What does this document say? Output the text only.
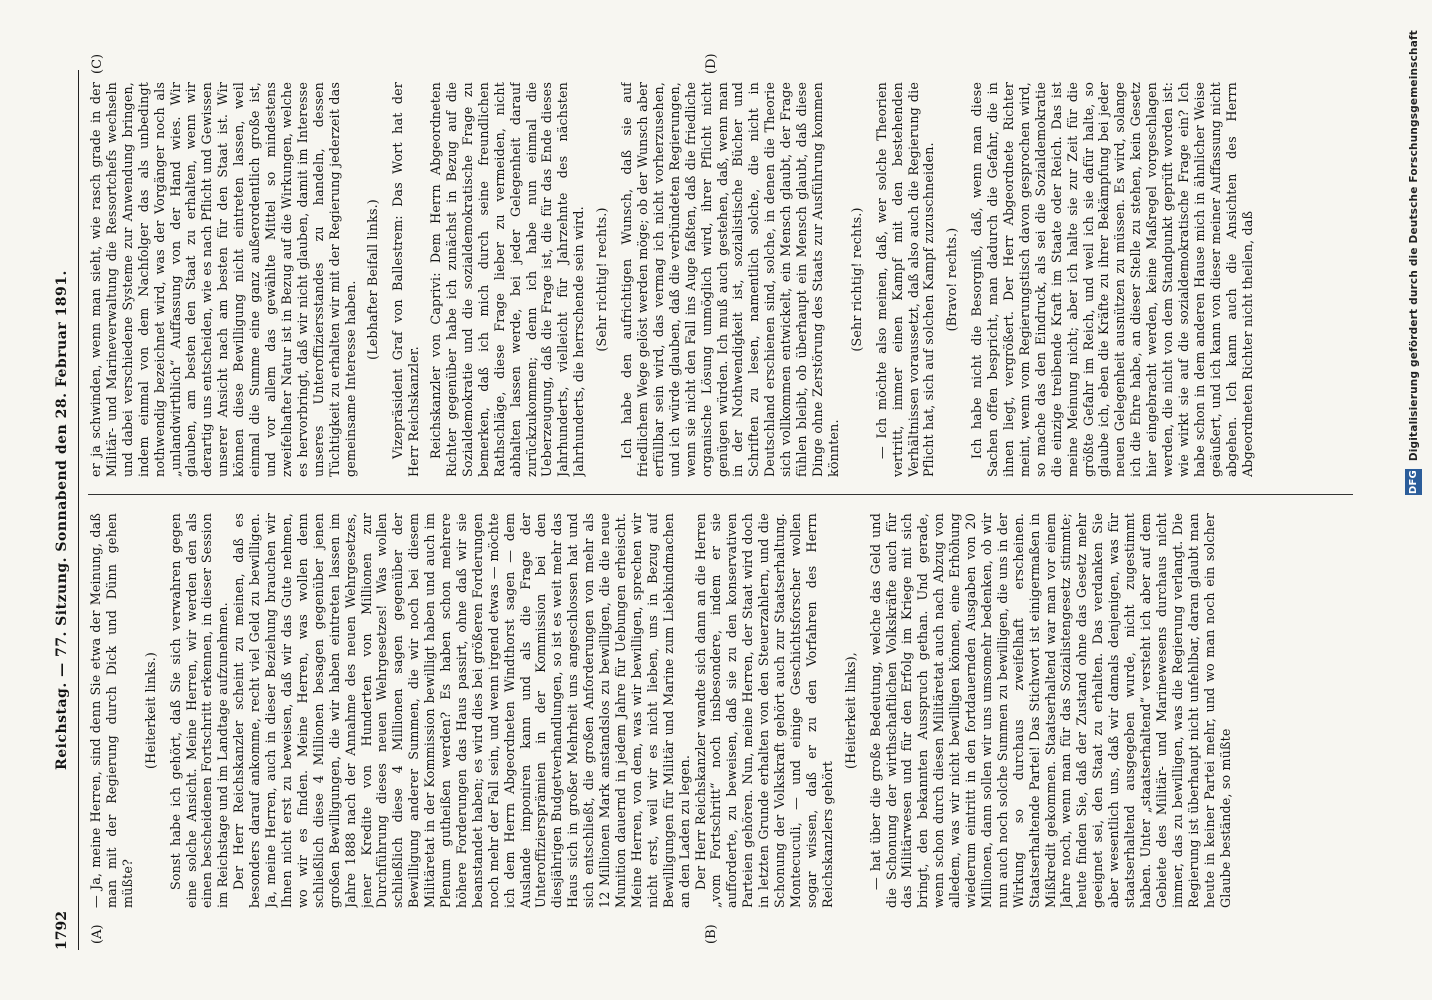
1792
Reichstag. — 77. Sitzung. Sonnabend den 28. Februar 1891.
(A)	(B)
(C)	(D)

— Ja, meine Herren, sind denn Sie etwa der Meinung, daß man mit der Regierung durch Dick und Dünn gehen müßte?

(Heiterkeit links.) Sonst habe ich gehört, daß Sie sich verwahren gegen eine solche Ansicht. Meine Herren, wir werden den als einen bescheidenen Fortschritt erkennen, in dieser Session im Reichstage und im Landtage aufzunehmen. Der Herr Reichskanzler scheint zu meinen, daß es besonders darauf ankomme, recht viel Geld zu bewilligen. Ja, meine Herren, auch in dieser Beziehung brauchen wir Ihnen nicht erst zu beweisen, daß wir das Gute nehmen, wo wir es finden. Meine Herren, was wollen denn schließlich diese 4 Millionen besagen gegenüber jenen großen Bewilligungen, die wir haben eintreten lassen im Jahre 1888 nach der Annahme des neuen Wehrgesetzes, jener Kredite von Hunderten von Millionen zur Durchführung dieses neuen Wehrgesetzes! Was wollen schließlich diese 4 Millionen sagen gegenüber der Bewilligung anderer Summen, die wir noch bei diesem Militäretat in der Kommission bewilligt haben und auch im Plenum gutheißen werden? Es haben schon mehrere höhere Forderungen das Haus passirt, ohne daß wir sie beanstandet haben; es wird dies bei größeren Forderungen noch mehr der Fall sein, und wenn irgend etwas — möchte ich dem Herrn Abgeordneten Windthorst sagen — dem Auslande imponiren kann und als die Frage der Unteroffiziersprämien in der Kommission bei den diesjährigen Budgetverhandlungen, so ist es weit mehr das Haus sich in großer Mehrheit uns angeschlossen hat und sich entschließt, die großen Anforderungen von mehr als 12 Millionen Mark anstandslos zu bewilligen, die die neue Munition dauernd in jedem Jahre für Uebungen erheischt. Meine Herren, von dem, was wir bewilligen, sprechen wir nicht erst, weil wir es nicht lieben, uns in Bezug auf Bewilligungen für Militär und Marine zum Liebkindmachen an den Laden zu legen. Der Herr Reichskanzler wandte sich dann an die Herren „vom Fortschritt“ noch insbesondere, indem er sie aufforderte, zu beweisen, daß sie zu den konservativen Parteien gehören. Nun, meine Herren, der Staat wird doch in letzten Grunde erhalten von den Steuerzahlern, und die Schonung der Volkskraft gehört auch zur Staatserhaltung. Montecuculi, — und einige Geschichtsforscher wollen sogar wissen, daß er zu den Vorfahren des Herrn Reichskanzlers gehört

(Heiterkeit links), — hat über die große Bedeutung, welche das Geld und die Schonung der wirthschaftlichen Volkskräfte auch für das Militärwesen und für den Erfolg im Kriege mit sich bringt, den bekannten Ausspruch gethan. Und gerade, wenn schon durch diesen Militäretat auch nach Abzug von alledem, was wir nicht bewilligen können, eine Erhöhung wiederum eintritt in den fortdauernden Ausgaben von 20 Millionen, dann sollen wir uns umsomehr bedenken, ob wir nun auch noch solche Summen zu bewilligen, die uns in der Wirkung so durchaus zweifelhaft erscheinen. Staatserhaltende Partei! Das Stichwort ist einigermaßen in Mißkredit gekommen. Staatserhaltend war man vor einem Jahre noch, wenn man für das Sozialistengesetz stimmte; heute finden Sie, daß der Zustand ohne das Gesetz mehr geeignet sei, den Staat zu erhalten. Das verdanken Sie aber wesentlich uns, daß wir damals denjenigen, was für staatserhaltend ausgegeben wurde, nicht zugestimmt haben. Unter „staatserhaltend“ versteht ich aber auf dem Gebiete des Militär- und Marinewesens durchaus nicht immer, das zu bewilligen, was die Regierung verlangt. Die Regierung ist überhaupt nicht unfehlbar, daran glaubt man heute in keiner Partei mehr, und wo man noch ein solcher Glaube bestände, so müßte

er ja schwinden, wenn man sieht, wie rasch grade in der Militär- und Marineverwaltung die Ressortchefs wechseln und dabei verschiedene Systeme zur Anwendung bringen, indem einmal von dem Nachfolger das als unbedingt nothwendig bezeichnet wird, was der Vorgänger noch als „unlandwirthlich“ Auffassung von der Hand wies. Wir glauben, am besten den Staat zu erhalten, wenn wir derartig uns entscheiden, wie es nach Pflicht und Gewissen unserer Ansicht nach am besten für den Staat ist. Wir können diese Bewilligung nicht eintreten lassen, weil einmal die Summe eine ganz außerordentlich große ist, und vor allem das gewählte Mittel so mindestens zweifelhafter Natur ist in Bezug auf die Wirkungen, welche es hervorbringt, daß wir nicht glauben, damit im Interesse unseres Unteroffiziersstandes zu handeln, dessen Tüchtigkeit zu erhalten wir mit der Regierung jederzeit das gemeinsame Interesse haben.

(Lebhafter Beifall links.) Vizepräsident Graf von Ballestrem: Das Wort hat der Herr Reichskanzler. Reichskanzler von Caprivi: Dem Herrn Abgeordneten Richter gegenüber habe ich zunächst in Bezug auf die Sozialdemokratie und die sozialdemokratische Frage zu bemerken, daß ich mich durch seine freundlichen Rathschläge, diese Frage lieber zu vermeiden, nicht abhalten lassen werde, bei jeder Gelegenheit darauf zurückzukommen; denn ich habe nun einmal die Ueberzeugung, daß die Frage ist, die für das Ende dieses Jahrhunderts, vielleicht für Jahrzehnte des nächsten Jahrhunderts, die herrschende sein wird. (Sehr richtig! rechts.) Ich habe den aufrichtigen Wunsch, daß sie auf friedlichem Wege gelöst werden möge; ob der Wunsch aber erfüllbar sein wird, das vermag ich nicht vorherzusehen, und ich würde glauben, daß die verbündeten Regierungen, wenn sie nicht den Fall ins Auge faßten, daß die friedliche organische Lösung unmöglich wird, ihrer Pflicht nicht genügen würden. Ich muß auch gestehen, daß, wenn man in der Nothwendigkeit ist, sozialistische Bücher und Schriften zu lesen, namentlich solche, die nicht in Deutschland erschienen sind, solche, in denen die Theorie sich vollkommen entwickelt, ein Mensch glaubt, der Frage fühlen bleibt, ob überhaupt ein Mensch glaubt, daß diese Dinge ohne Zerstörung des Staats zur Ausführung kommen könnten.

(Sehr richtig! rechts.) — Ich möchte also meinen, daß, wer solche Theorien vertritt, immer einen Kampf mit den bestehenden Verhältnissen voraussetzt, daß also auch die Regierung die Pflicht hat, sich auf solchen Kampf zuzuschneiden. (Bravo! rechts.) Ich habe nicht die Besorgniß, daß, wenn man diese Sachen offen bespricht, man dadurch die Gefahr, die in ihnen liegt, vergrößert. Der Herr Abgeordnete Richter meint, wenn vom Regierungstisch davon gesprochen wird, so mache das den Eindruck, als sei die Sozialdemokratie die einzige treibende Kraft im Staate oder Reich. Das ist meine Meinung nicht; aber ich halte sie zur Zeit für die größte Gefahr im Reich, und weil ich sie dafür halte, so glaube ich, eben die Kräfte zu ihrer Bekämpfung bei jeder neuen Gelegenheit ausnützen zu müssen. Es wird, solange ich die Ehre habe, an dieser Stelle zu stehen, kein Gesetz hier eingebracht werden, keine Maßregel vorgeschlagen werden, die nicht von dem Standpunkt geprüft worden ist: wie wirkt sie auf die sozialdemokratische Frage ein? Ich habe schon in dem anderen Hause mich in ähnlicher Weise geäußert, und ich kann von dieser meiner Auffassung nicht abgehen. Ich kann auch die Ansichten des Herrn Abgeordneten Richter nicht theilen, daß

DFG Digitalisierung gefördert durch die Deutsche Forschungsgemeinschaft
